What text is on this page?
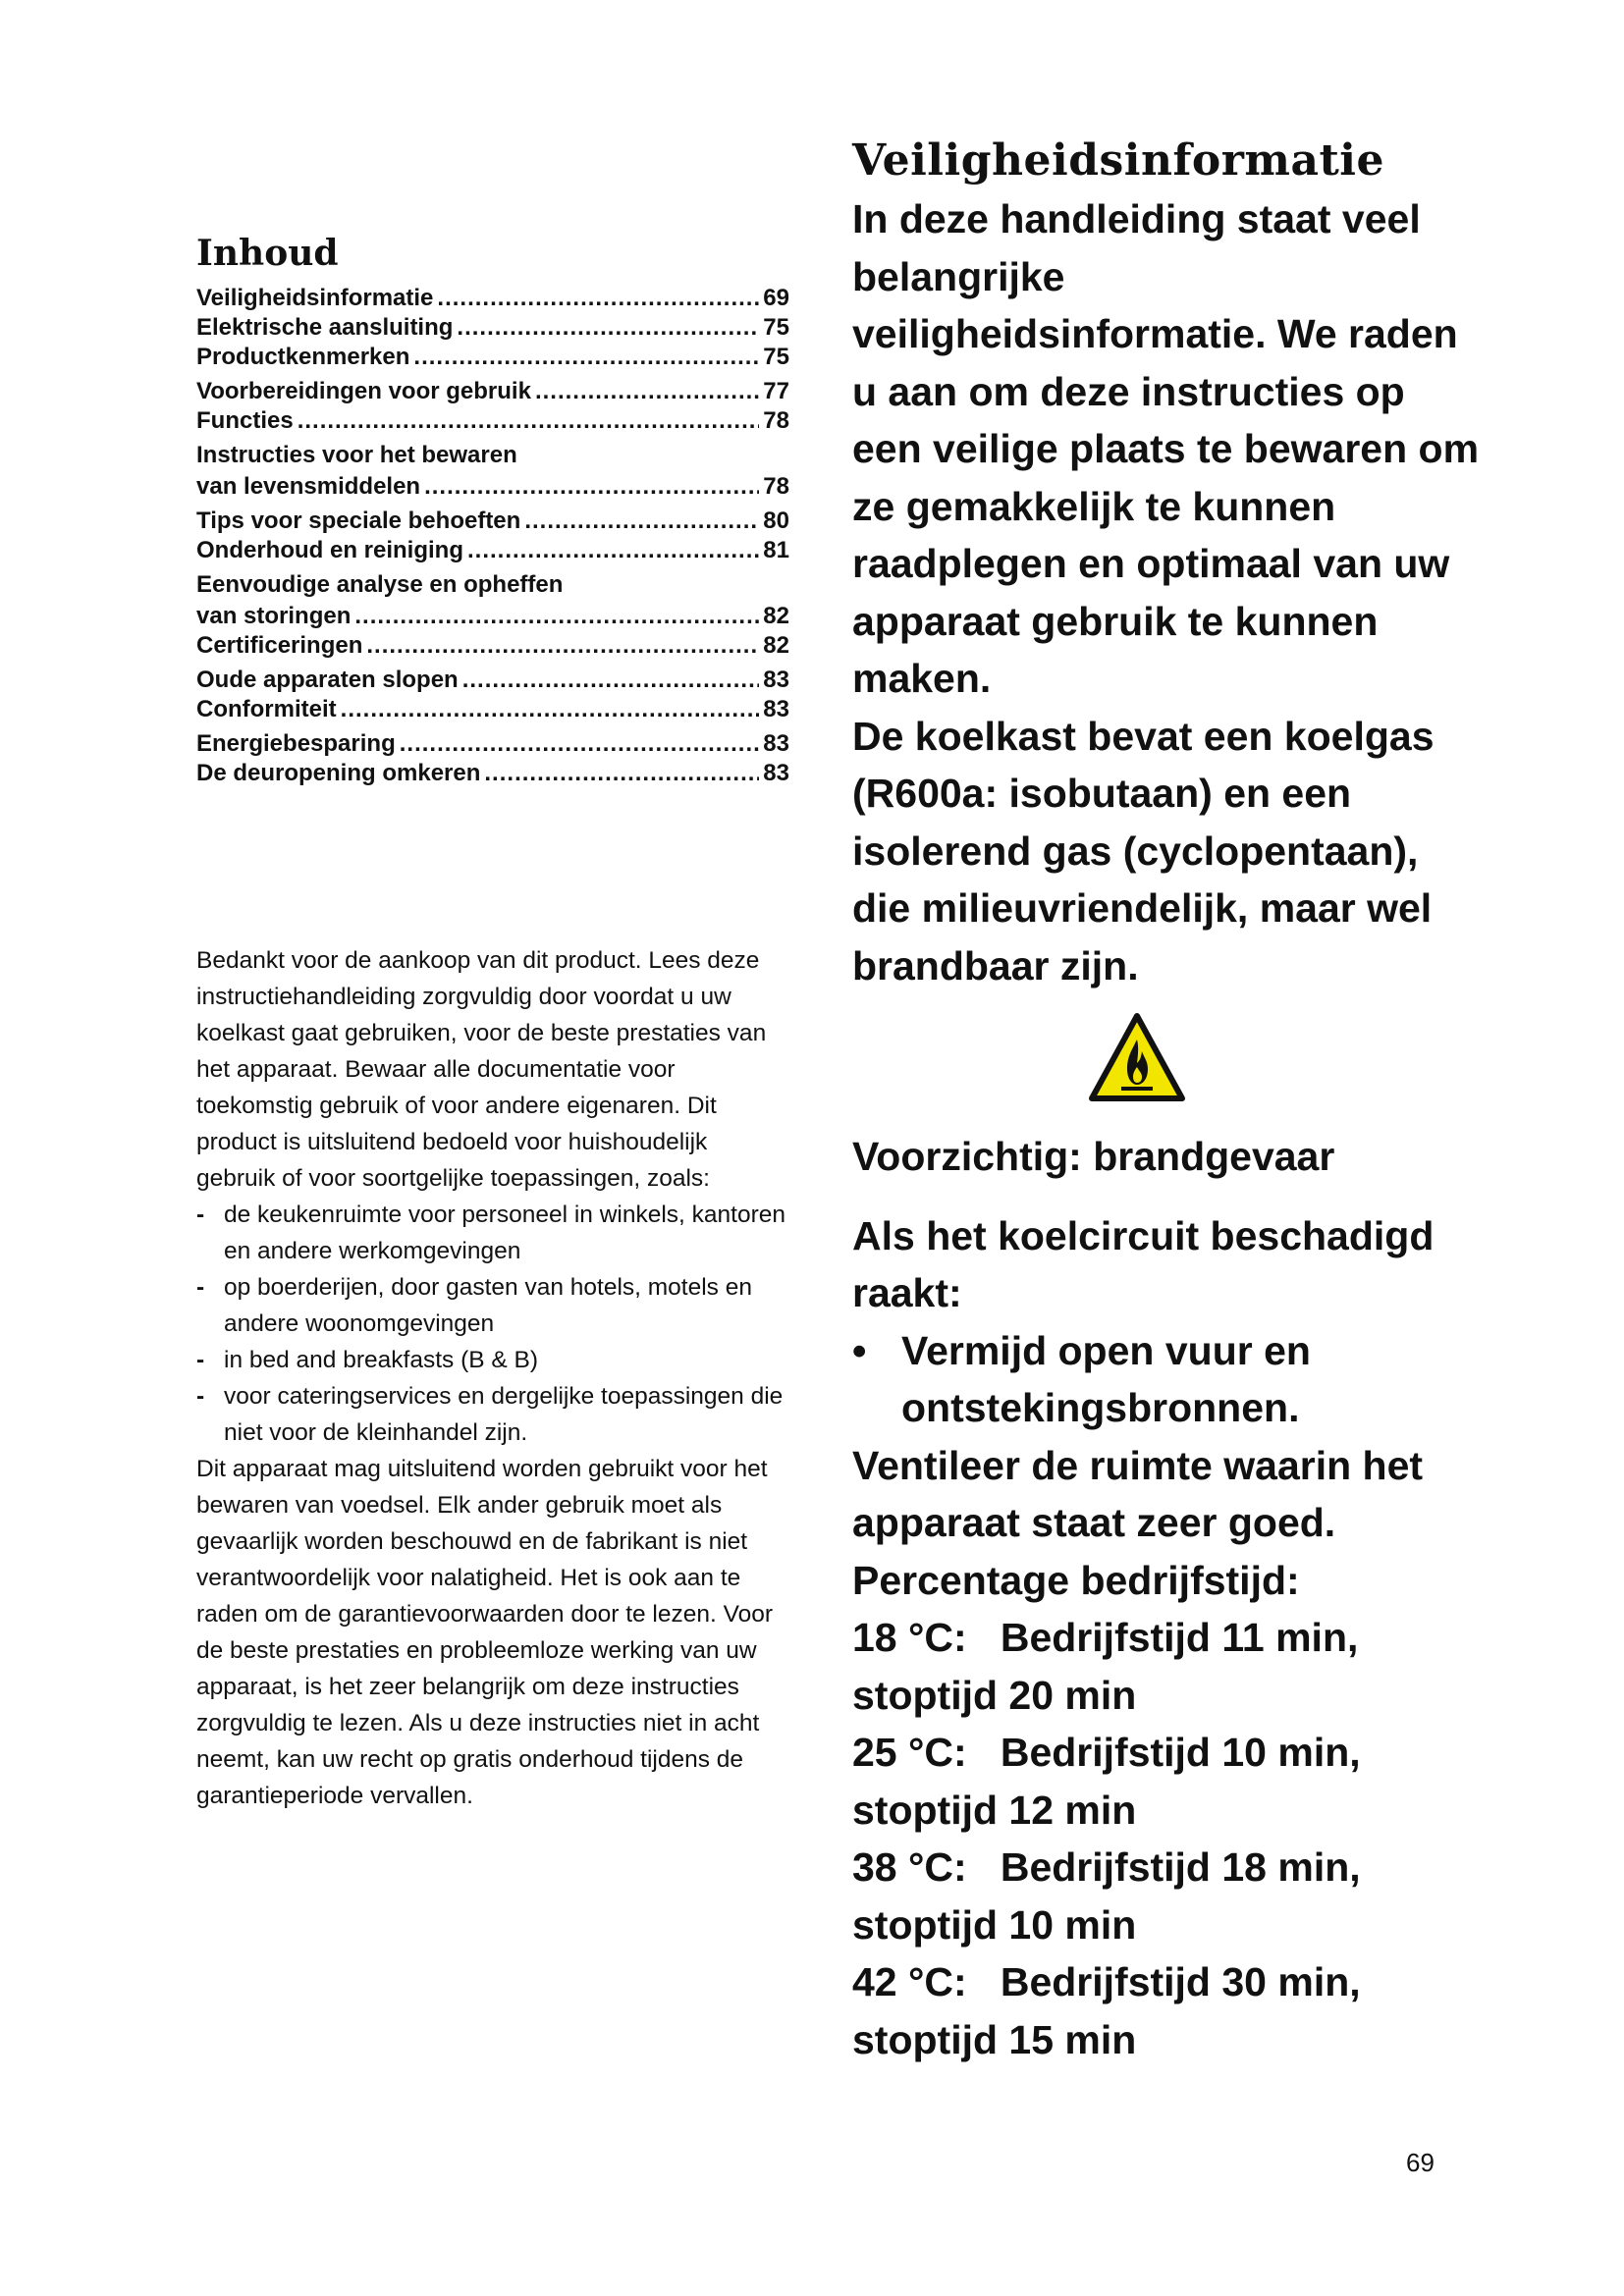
Inhoud
Veiligheidsinformatie .....	69
Elektrische aansluiting .....	75
Productkenmerken .....	75
Voorbereidingen voor gebruik .....	77
Functies .....	78
Instructies voor het bewaren
van levensmiddelen .....	78
Tips voor speciale behoeften .....	80
Onderhoud en reiniging .....	81
Eenvoudige analyse en opheffen
van storingen .....	82
Certificeringen .....	82
Oude apparaten slopen .....	83
Conformiteit .....	83
Energiebesparing .....	83
De deuropening omkeren .....	83

Bedankt voor de aankoop van dit product. Lees deze instructiehandleiding zorgvuldig door voordat u uw koelkast gaat gebruiken, voor de beste prestaties van het apparaat. Bewaar alle documentatie voor toekomstig gebruik of voor andere eigenaren. Dit product is uitsluitend bedoeld voor huishoudelijk gebruik of voor soortgelijke toepassingen, zoals:

- de keukenruimte voor personeel in winkels, kantoren en andere werkomgevingen
- op boerderijen, door gasten van hotels, motels en andere woonomgevingen
- in bed and breakfasts (B & B)
- voor cateringservices en dergelijke toepassingen die niet voor de kleinhandel zijn.

Dit apparaat mag uitsluitend worden gebruikt voor het bewaren van voedsel. Elk ander gebruik moet als gevaarlijk worden beschouwd en de fabrikant is niet verantwoordelijk voor nalatigheid. Het is ook aan te raden om de garantievoorwaarden door te lezen. Voor de beste prestaties en probleemloze werking van uw apparaat, is het zeer belangrijk om deze instructies zorgvuldig te lezen. Als u deze instructies niet in acht neemt, kan uw recht op gratis onderhoud tijdens de garantieperiode vervallen.

Veiligheidsinformatie

In deze handleiding staat veel belangrijke veiligheidsinformatie. We raden u aan om deze instructies op een veilige plaats te bewaren om ze gemakkelijk te kunnen raadplegen en optimaal van uw apparaat gebruik te kunnen maken.

De koelkast bevat een koelgas (R600a: isobutaan) en een isolerend gas (cyclopentaan), die milieuvriendelijk, maar wel brandbaar zijn.

Voorzichtig: brandgevaar

Als het koelcircuit beschadigd raakt:

• Vermijd open vuur en ontstekingsbronnen.

Ventileer de ruimte waarin het apparaat staat zeer goed.

Percentage bedrijfstijd:

18 °C: Bedrijfstijd 11 min,
stoptijd 20 min
25 °C: Bedrijfstijd 10 min,
stoptijd 12 min
38 °C: Bedrijfstijd 18 min,
stoptijd 10 min
42 °C: Bedrijfstijd 30 min,
stoptijd 15 min
69
